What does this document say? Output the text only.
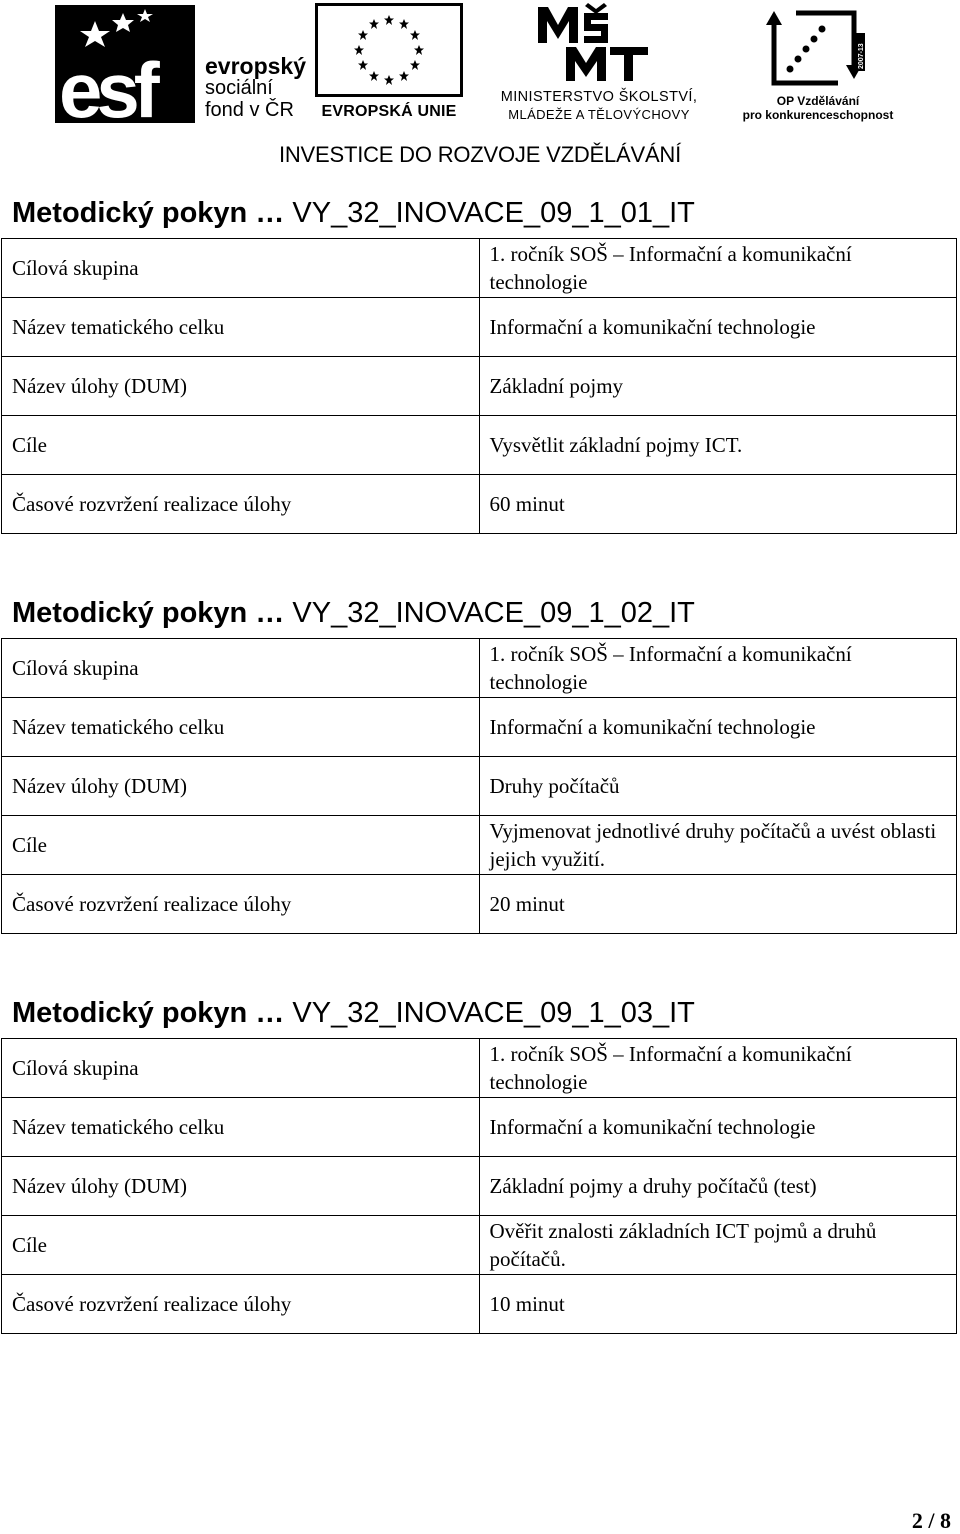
esf	evropský
sociální
fond v ČR	EVROPSKÁ UNIE
MINISTERSTVO ŠKOLSTVÍ,
MLÁDEŽE A TĚLOVÝCHOVY
2007-13
OP Vzdělávání
pro konkurenceschopnost
INVESTICE DO ROZVOJE VZDĚLÁVÁNÍ
Metodický pokyn … VY_32_INOVACE_09_1_01_IT
Cílová skupina	1. ročník SOŠ – Informační a komunikační technologie
Název tematického celku	Informační a komunikační technologie
Název úlohy (DUM)	Základní pojmy
Cíle	Vysvětlit základní pojmy ICT.
Časové rozvržení realizace úlohy	60 minut
Metodický pokyn … VY_32_INOVACE_09_1_02_IT
Cílová skupina	1. ročník SOŠ – Informační a komunikační technologie
Název tematického celku	Informační a komunikační technologie
Název úlohy (DUM)	Druhy počítačů
Cíle	Vyjmenovat jednotlivé druhy počítačů a uvést oblasti jejich využití.
Časové rozvržení realizace úlohy	20 minut
Metodický pokyn … VY_32_INOVACE_09_1_03_IT
Cílová skupina	1. ročník SOŠ – Informační a komunikační technologie
Název tematického celku	Informační a komunikační technologie
Název úlohy (DUM)	Základní pojmy a druhy počítačů (test)
Cíle	Ověřit znalosti základních ICT pojmů a druhů počítačů.
Časové rozvržení realizace úlohy	10 minut
2 / 8
